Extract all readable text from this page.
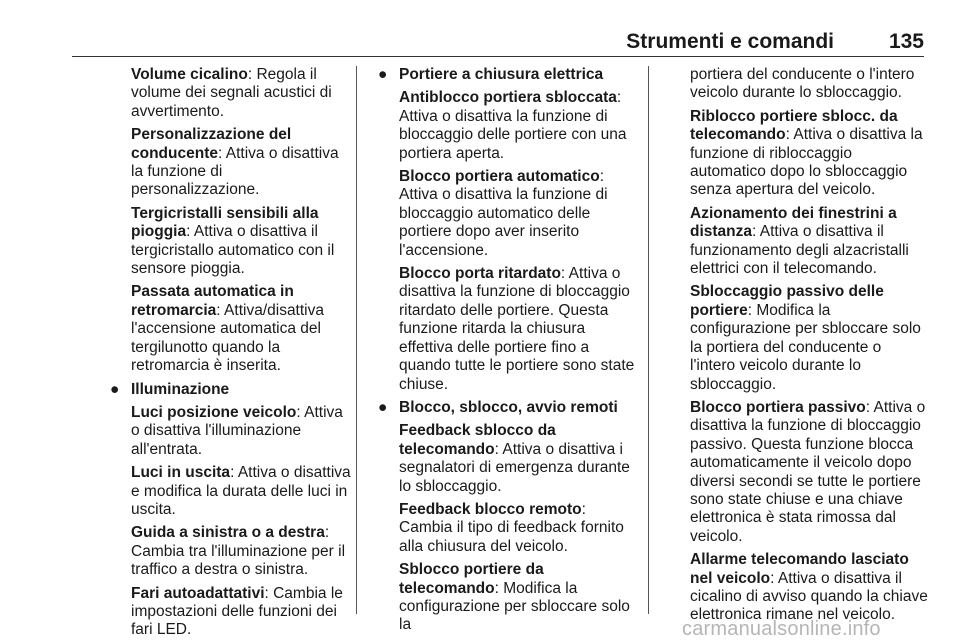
Strumenti e comandi	135

Volume cicalino: Regola il volume dei segnali acustici di avvertimento.

Personalizzazione del conducente: Attiva o disattiva la funzione di personalizzazione.

Tergicristalli sensibili alla pioggia: Attiva o disattiva il tergicristallo automatico con il sensore pioggia.

Passata automatica in retromarcia: Attiva/disattiva l'accensione automatica del tergilunotto quando la retromarcia è inserita.

● Illuminazione

Luci posizione veicolo: Attiva o disattiva l'illuminazione all'entrata.

Luci in uscita: Attiva o disattiva e modifica la durata delle luci in uscita.

Guida a sinistra o a destra: Cambia tra l'illuminazione per il traffico a destra o sinistra.

Fari autoadattativi: Cambia le impostazioni delle funzioni dei fari LED.

● Portiere a chiusura elettrica

Antiblocco portiera sbloccata: Attiva o disattiva la funzione di bloccaggio delle portiere con una portiera aperta.

Blocco portiera automatico: Attiva o disattiva la funzione di bloccaggio automatico delle portiere dopo aver inserito l'accensione.

Blocco porta ritardato: Attiva o disattiva la funzione di bloccaggio ritardato delle portiere. Questa funzione ritarda la chiusura effettiva delle portiere fino a quando tutte le portiere sono state chiuse.

● Blocco, sblocco, avvio remoti

Feedback sblocco da telecomando: Attiva o disattiva i segnalatori di emergenza durante lo sbloccaggio.

Feedback blocco remoto: Cambia il tipo di feedback fornito alla chiusura del veicolo.

Sblocco portiere da telecomando: Modifica la configurazione per sbloccare solo la

portiera del conducente o l'intero veicolo durante lo sbloccaggio.

Riblocco portiere sblocc. da telecomando: Attiva o disattiva la funzione di ribloccaggio automatico dopo lo sbloccaggio senza apertura del veicolo.

Azionamento dei finestrini a distanza: Attiva o disattiva il funzionamento degli alzacristalli elettrici con il telecomando.

Sbloccaggio passivo delle portiere: Modifica la configurazione per sbloccare solo la portiera del conducente o l'intero veicolo durante lo sbloccaggio.

Blocco portiera passivo: Attiva o disattiva la funzione di bloccaggio passivo. Questa funzione blocca automaticamente il veicolo dopo diversi secondi se tutte le portiere sono state chiuse e una chiave elettronica è stata rimossa dal veicolo.

Allarme telecomando lasciato nel veicolo: Attiva o disattiva il cicalino di avviso quando la chiave elettronica rimane nel veicolo.

carmanualsonline.info
